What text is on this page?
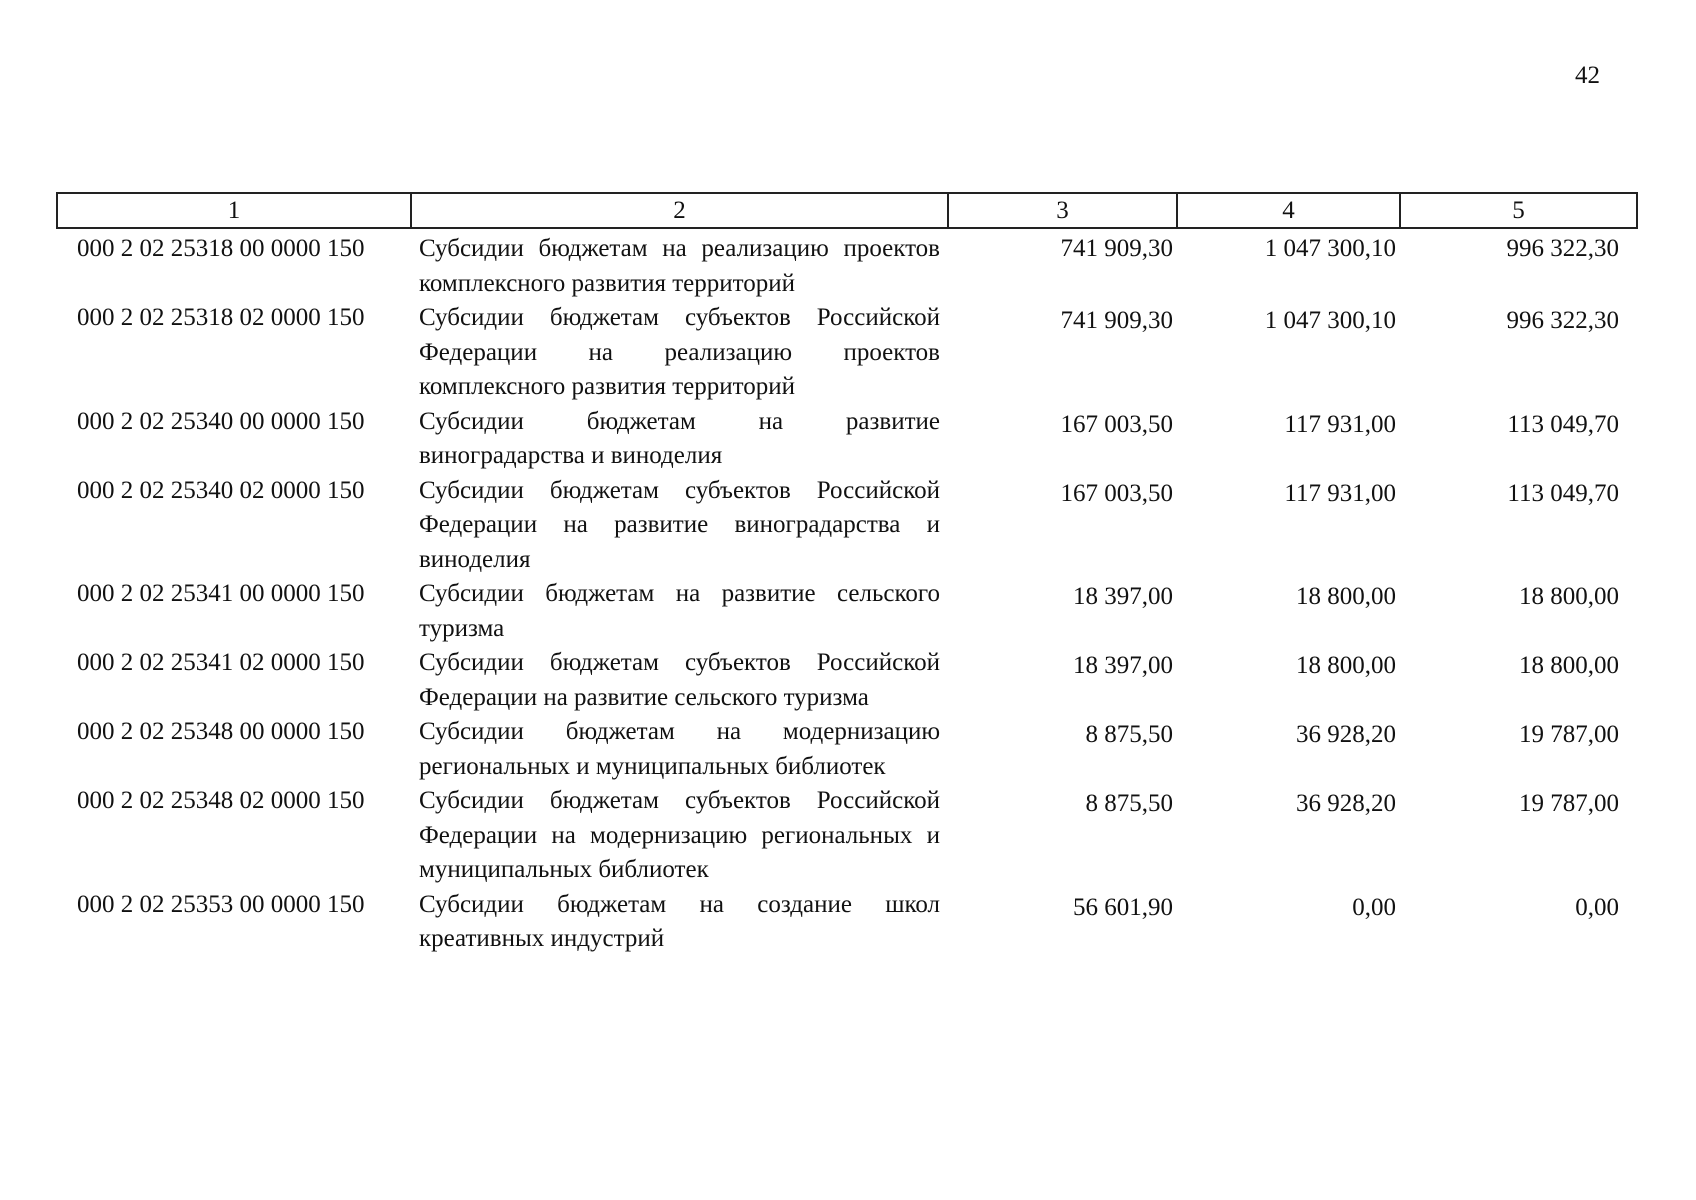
42
1	2	3	4	5
000 2 02 25318 00 0000 150	Субсидии бюджетам на реализацию проектов комплексного развития территорий	741 909,30	1 047 300,10	996 322,30
000 2 02 25318 02 0000 150	Субсидии бюджетам субъектов Российской Федерации на реализацию проектов комплексного развития территорий	741 909,30	1 047 300,10	996 322,30
000 2 02 25340 00 0000 150	Субсидии бюджетам на развитие виноградарства и виноделия	167 003,50	117 931,00	113 049,70
000 2 02 25340 02 0000 150	Субсидии бюджетам субъектов Российской Федерации на развитие виноградарства и виноделия	167 003,50	117 931,00	113 049,70
000 2 02 25341 00 0000 150	Субсидии бюджетам на развитие сельского туризма	18 397,00	18 800,00	18 800,00
000 2 02 25341 02 0000 150	Субсидии бюджетам субъектов Российской Федерации на развитие сельского туризма	18 397,00	18 800,00	18 800,00
000 2 02 25348 00 0000 150	Субсидии бюджетам на модернизацию региональных и муниципальных библиотек	8 875,50	36 928,20	19 787,00
000 2 02 25348 02 0000 150	Субсидии бюджетам субъектов Российской Федерации на модернизацию региональных и муниципальных библиотек	8 875,50	36 928,20	19 787,00
000 2 02 25353 00 0000 150	Субсидии бюджетам на создание школ креативных индустрий	56 601,90	0,00	0,00
